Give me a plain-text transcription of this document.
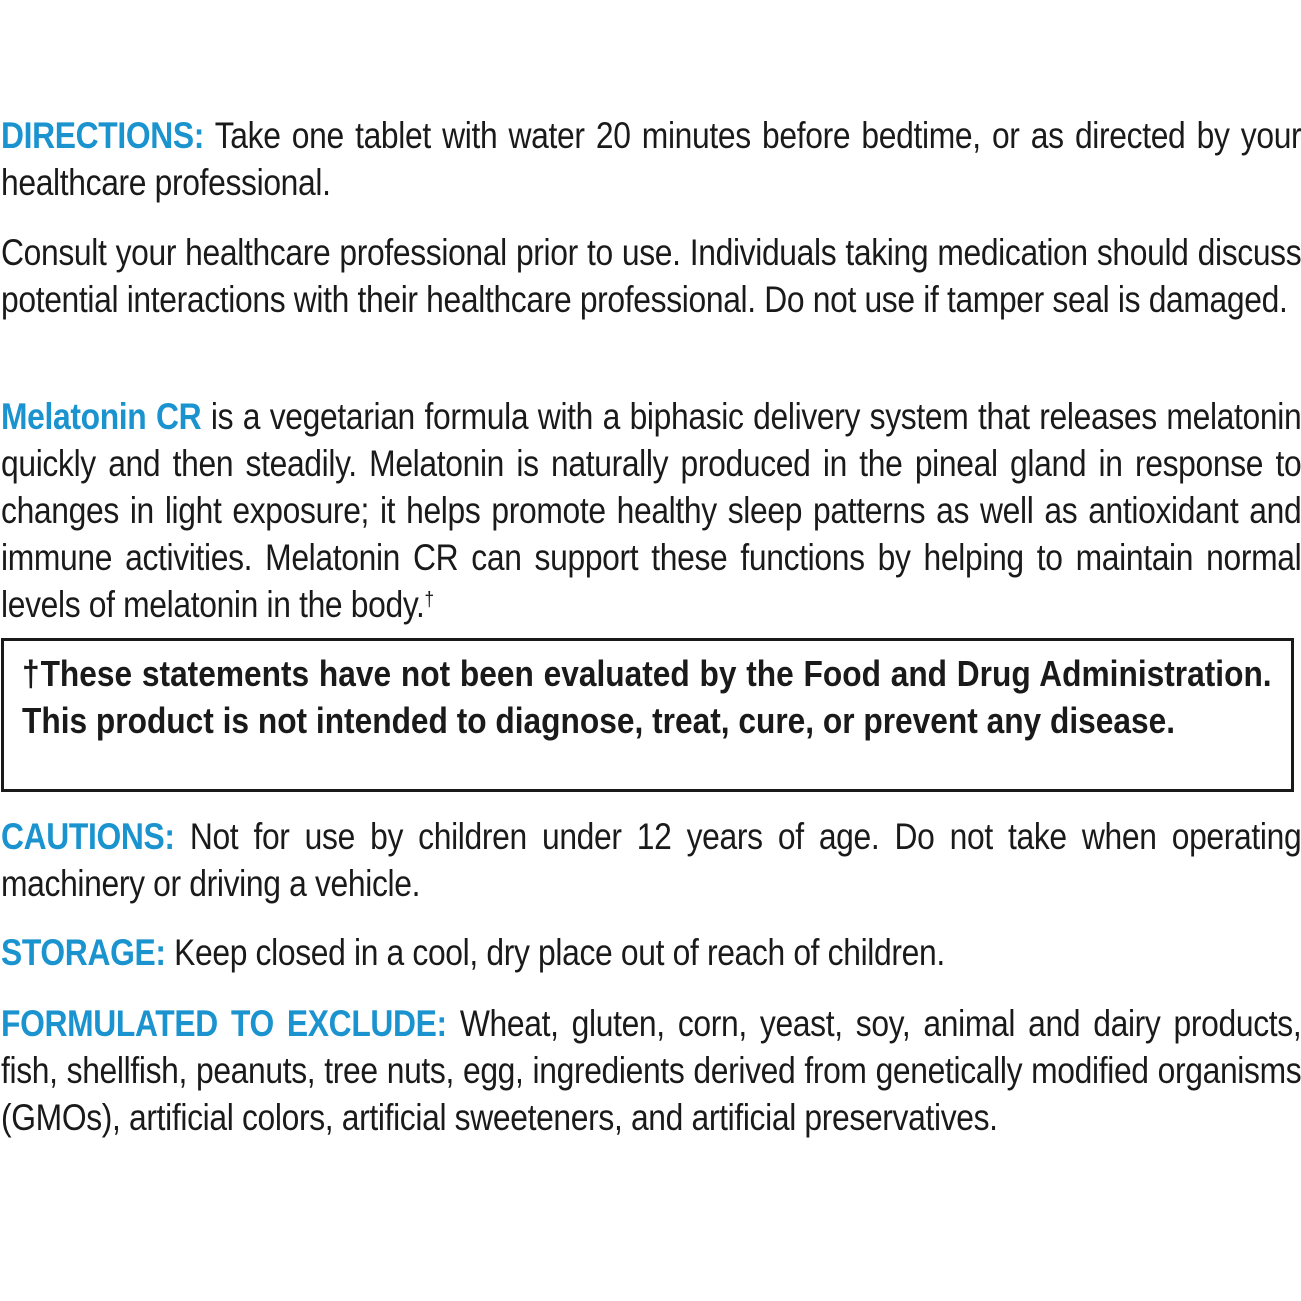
DIRECTIONS: Take one tablet with water 20 minutes before bedtime, or as directed by your healthcare professional.

Consult your healthcare professional prior to use. Individuals taking medication should discuss potential interactions with their healthcare professional. Do not use if tamper seal is damaged.

Melatonin CR is a vegetarian formula with a biphasic delivery system that releases melatonin quickly and then steadily. Melatonin is naturally produced in the pineal gland in response to changes in light exposure; it helps promote healthy sleep patterns as well as antioxidant and immune activities. Melatonin CR can support these functions by helping to maintain normal levels of melatonin in the body.†

†These statements have not been evaluated by the Food and Drug Administration. This product is not intended to diagnose, treat, cure, or prevent any disease.

CAUTIONS: Not for use by children under 12 years of age. Do not take when operating machinery or driving a vehicle.

STORAGE: Keep closed in a cool, dry place out of reach of children.

FORMULATED TO EXCLUDE: Wheat, gluten, corn, yeast, soy, animal and dairy products, fish, shellfish, peanuts, tree nuts, egg, ingredients derived from genetically modified organisms (GMOs), artificial colors, artificial sweeteners, and artificial preservatives.
